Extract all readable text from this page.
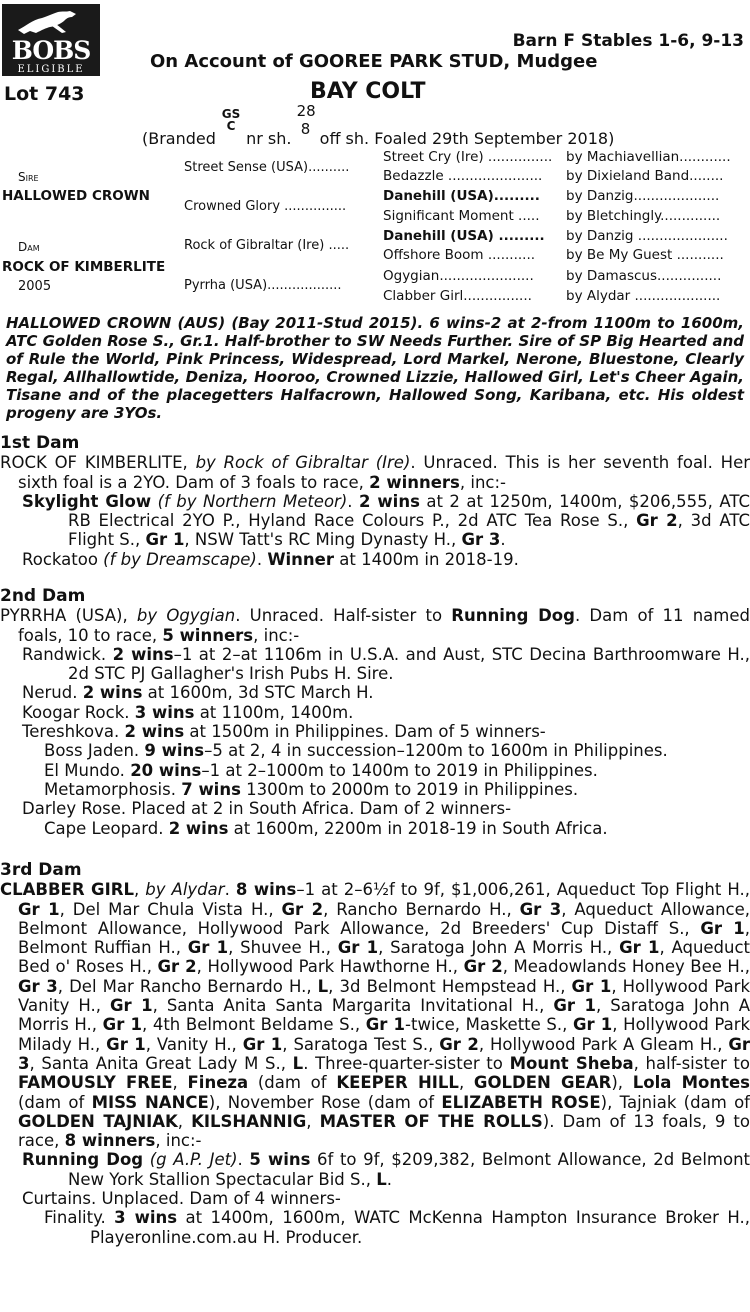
BOBS
ELIGIBLE
Barn F Stables 1-6, 9-13
On Account of GOOREE PARK STUD, Mudgee
Lot 743	BAY COLT
(Branded GS
C nr sh. 28
8 off sh. Foaled 29th September 2018)
Sire
HALLOWED CROWN
Dam
ROCK OF KIMBERLITE
2005
Street Sense (USA)..........
Crowned Glory ...............
Rock of Gibraltar (Ire) .....
Pyrrha (USA)..................
Street Cry (Ire) ...............	by Machiavellian............
Bedazzle ......................	by Dixieland Band........
Danehill (USA).........	by Danzig....................
Significant Moment .....	by Bletchingly..............
Danehill (USA) .........	by Danzig .....................
Offshore Boom ...........	by Be My Guest ...........
Ogygian......................	by Damascus...............
Clabber Girl................	by Alydar ....................
HALLOWED CROWN (AUS) (Bay 2011-Stud 2015). 6 wins-2 at 2-from 1100m to 1600m, ATC Golden Rose S., Gr.1. Half-brother to SW Needs Further. Sire of SP Big Hearted and of Rule the World, Pink Princess, Widespread, Lord Markel, Nerone, Bluestone, Clearly Regal, Allhallowtide, Deniza, Hooroo, Crowned Lizzie, Hallowed Girl, Let's Cheer Again, Tisane and of the placegetters Halfacrown, Hallowed Song, Karibana, etc. His oldest progeny are 3YOs.
1st Dam

ROCK OF KIMBERLITE, by Rock of Gibraltar (Ire). Unraced. This is her seventh foal. Her sixth foal is a 2YO. Dam of 3 foals to race, 2 winners, inc:-

Skylight Glow (f by Northern Meteor). 2 wins at 2 at 1250m, 1400m, $206,555, ATC RB Electrical 2YO P., Hyland Race Colours P., 2d ATC Tea Rose S., Gr 2, 3d ATC Flight S., Gr 1, NSW Tatt's RC Ming Dynasty H., Gr 3.

Rockatoo (f by Dreamscape). Winner at 1400m in 2018-19.

2nd Dam

PYRRHA (USA), by Ogygian. Unraced. Half-sister to Running Dog. Dam of 11 named foals, 10 to race, 5 winners, inc:-

Randwick. 2 wins–1 at 2–at 1106m in U.S.A. and Aust, STC Decina Barthroomware H., 2d STC PJ Gallagher's Irish Pubs H. Sire.

Nerud. 2 wins at 1600m, 3d STC March H.

Koogar Rock. 3 wins at 1100m, 1400m.

Tereshkova. 2 wins at 1500m in Philippines. Dam of 5 winners-

Boss Jaden. 9 wins–5 at 2, 4 in succession–1200m to 1600m in Philippines.

El Mundo. 20 wins–1 at 2–1000m to 1400m to 2019 in Philippines.

Metamorphosis. 7 wins 1300m to 2000m to 2019 in Philippines.

Darley Rose. Placed at 2 in South Africa. Dam of 2 winners-

Cape Leopard. 2 wins at 1600m, 2200m in 2018-19 in South Africa.

3rd Dam

CLABBER GIRL, by Alydar. 8 wins–1 at 2–6½f to 9f, $1,006,261, Aqueduct Top Flight H., Gr 1, Del Mar Chula Vista H., Gr 2, Rancho Bernardo H., Gr 3, Aqueduct Allowance, Belmont Allowance, Hollywood Park Allowance, 2d Breeders' Cup Distaff S., Gr 1, Belmont Ruffian H., Gr 1, Shuvee H., Gr 1, Saratoga John A Morris H., Gr 1, Aqueduct Bed o' Roses H., Gr 2, Hollywood Park Hawthorne H., Gr 2, Meadowlands Honey Bee H., Gr 3, Del Mar Rancho Bernardo H., L, 3d Belmont Hempstead H., Gr 1, Hollywood Park Vanity H., Gr 1, Santa Anita Santa Margarita Invitational H., Gr 1, Saratoga John A Morris H., Gr 1, 4th Belmont Beldame S., Gr 1-twice, Maskette S., Gr 1, Hollywood Park Milady H., Gr 1, Vanity H., Gr 1, Saratoga Test S., Gr 2, Hollywood Park A Gleam H., Gr 3, Santa Anita Great Lady M S., L. Three-quarter-sister to Mount Sheba, half-sister to FAMOUSLY FREE, Fineza (dam of KEEPER HILL, GOLDEN GEAR), Lola Montes (dam of MISS NANCE), November Rose (dam of ELIZABETH ROSE), Tajniak (dam of GOLDEN TAJNIAK, KILSHANNIG, MASTER OF THE ROLLS). Dam of 13 foals, 9 to race, 8 winners, inc:-

Running Dog (g A.P. Jet). 5 wins 6f to 9f, $209,382, Belmont Allowance, 2d Belmont New York Stallion Spectacular Bid S., L.

Curtains. Unplaced. Dam of 4 winners-

Finality. 3 wins at 1400m, 1600m, WATC McKenna Hampton Insurance Broker H., Playeronline.com.au H. Producer.
